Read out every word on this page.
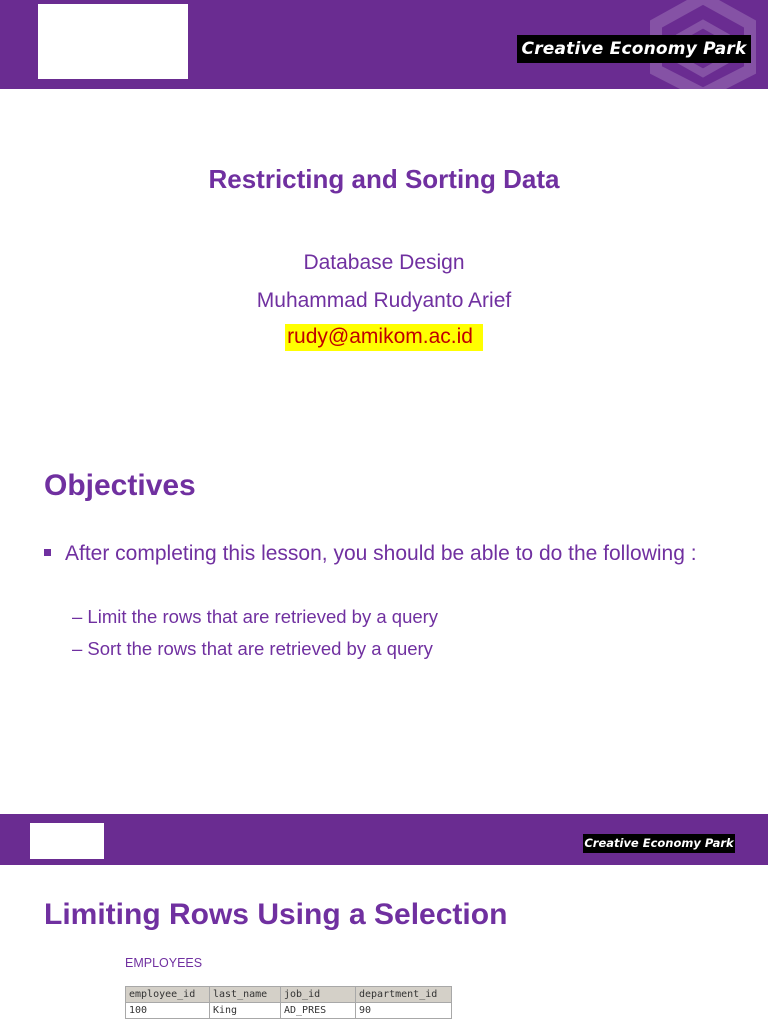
Creative Economy Park
Restricting and Sorting Data
Database Design
Muhammad Rudyanto Arief
rudy@amikom.ac.id
Objectives
After completing this lesson, you should be able to do the following :
– Limit the rows that are retrieved by a query
– Sort the rows that are retrieved by a query
Creative Economy Park
Limiting Rows Using a Selection
EMPLOYEES
employee_id	last_name	job_id	department_id
100	King	AD_PRES	90
